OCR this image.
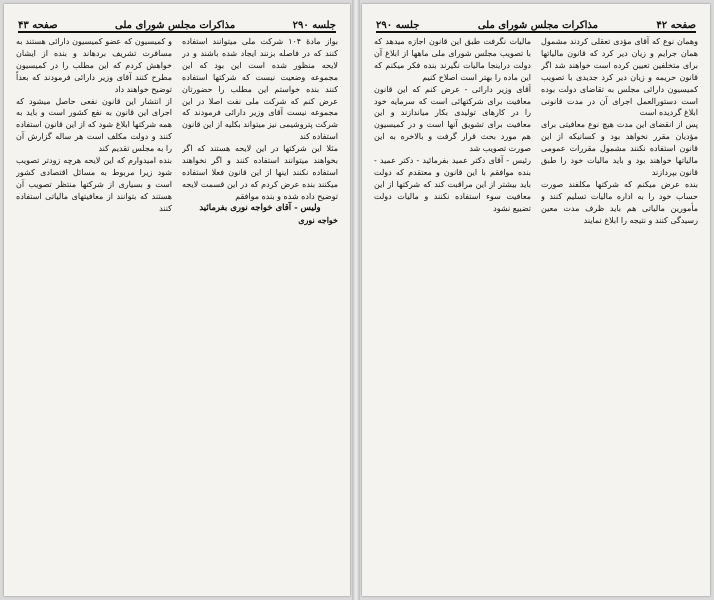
جلسه ۲۹۰
مذاکرات مجلس شورای ملی
صفحه ۴۳

بواز مادهٔ ۱۰۴ شرکت ملی میتوانند استفاده کنند که در فاصله بزنند ایجاد شده باشند و در لایحه منظور شده است این بود که این مجموعه وضعیت نیست که شرکتها استفاده کنند بنده خواستم این مطلب را حضورتان عرض کنم که شرکت ملی نفت اصلا در این مجموعه نیست آقای وزیر دارائی فرمودند که شرکت پتروشیمی نیز میتواند بکلیه از این قانون استفاده کند

مثلا این شرکتها در این لایحه هستند که اگر بخواهند میتوانند استفاده کنند و اگر نخواهند استفاده نکنند اینها از این قانون فعلا استفاده میکنند بنده عرض کردم که در این قسمت لایحه توضیح داده شده و بنده موافقم

ولیس - آقای خواجه نوری بفرمائید

خواجه نوری

و کمیسیون که عضو کمیسیون دارائی هستند به مسافرت تشریف بردهاند و بنده از ایشان خواهش کردم که این مطلب را در کمیسیون مطرح کنند آقای وزیر دارائی فرمودند که بعداً توضیح خواهند داد

از انتشار این قانون نفعی حاصل میشود که اجرای این قانون به نفع کشور است و باید به همه شرکتها ابلاغ شود که از این قانون استفاده کنند و دولت مکلف است هر ساله گزارش آن را به مجلس تقدیم کند

بنده امیدوارم که این لایحه هرچه زودتر تصویب شود زیرا مربوط به مسائل اقتصادی کشور است و بسیاری از شرکتها منتظر تصویب آن هستند که بتوانند از معافیتهای مالیاتی استفاده کنند

صفحه ۴۲
مذاکرات مجلس شورای ملی
جلسه ۲۹۰

وهمان نوع که آقای مؤدی تعقلی کردند مشمول همان جرایم و زیان دیر کرد که قانون مالیاتها برای متخلفین تعیین کرده است خواهند شد اگر قانون حریمه و زیان دیر کرد جدیدی با تصویب کمیسیون دارائی مجلس به تقاضای دولت بوده است دستورالعمل اجرای آن در مدت قانونی ابلاغ گردیده است

پس از انقضای این مدت هیچ نوع معافیتی برای مؤدیان مقرر نخواهد بود و کسانیکه از این قانون استفاده نکنند مشمول مقررات عمومی مالیاتها خواهند بود و باید مالیات خود را طبق قانون بپردازند

بنده عرض میکنم که شرکتها مکلفند صورت حساب خود را به اداره مالیات تسلیم کنند و مأمورین مالیاتی هم باید ظرف مدت معین رسیدگی کنند و نتیجه را ابلاغ نمایند

مالیات نگرفت طبق این قانون اجازه میدهد که با تصویب مجلس شورای ملی ماهها از ابلاغ آن دولت دراینجا مالیات نگیرند بنده فکر میکنم که این ماده را بهتر است اصلاح کنیم

آقای وزیر دارائی - عرض کنم که این قانون معافیت برای شرکتهائی است که سرمایه خود را در کارهای تولیدی بکار میاندازند و این معافیت برای تشویق آنها است و در کمیسیون هم مورد بحث قرار گرفت و بالاخره به این صورت تصویب شد

رئیس - آقای دکتر عمید بفرمائید - دکتر عمید - بنده موافقم با این قانون و معتقدم که دولت باید بیشتر از این مراقبت کند که شرکتها از این معافیت سوء استفاده نکنند و مالیات دولت تضییع نشود
